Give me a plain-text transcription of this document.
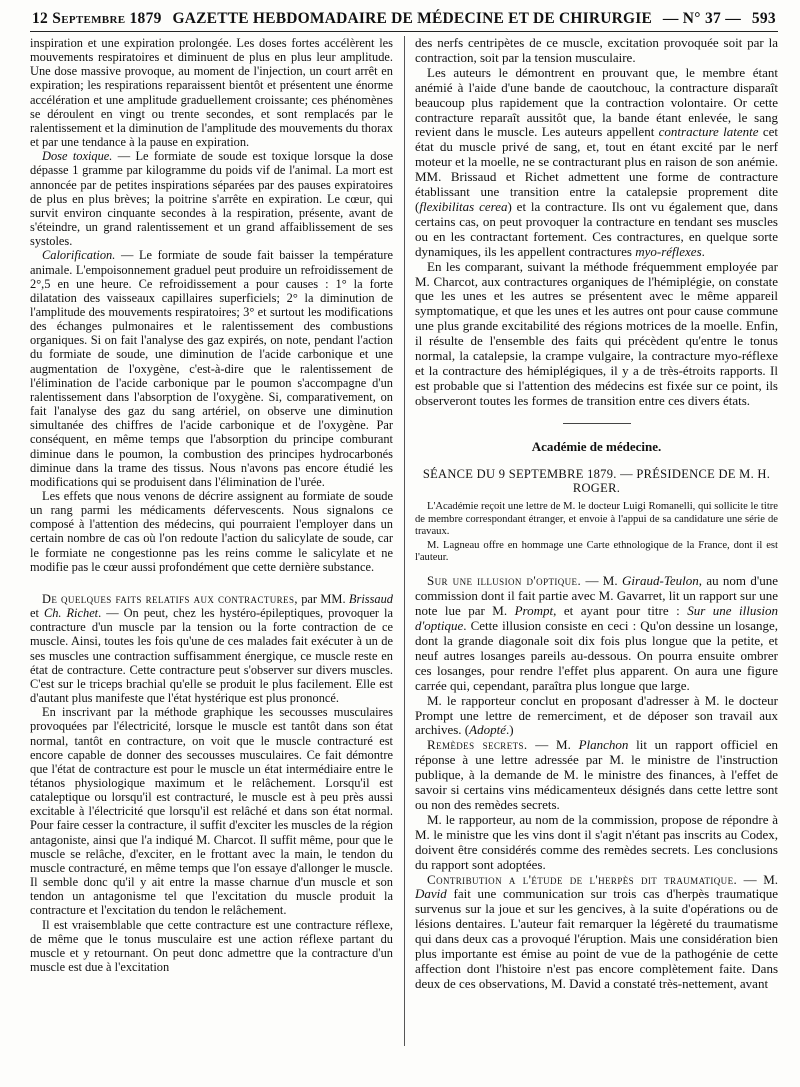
12 Septembre 1879 GAZETTE HEBDOMADAIRE DE MÉDECINE ET DE CHIRURGIE — N° 37 — 593

inspiration et une expiration prolongée. Les doses fortes accélèrent les mouvements respiratoires et diminuent de plus en plus leur amplitude. Une dose massive provoque, au moment de l'injection, un court arrêt en expiration; les respirations reparaissent bientôt et présentent une énorme accélération et une amplitude graduellement croissante; ces phénomènes se déroulent en vingt ou trente secondes, et sont remplacés par le ralentissement et la diminution de l'amplitude des mouvements du thorax et par une tendance à la pause en expiration.

Dose toxique. — Le formiate de soude est toxique lorsque la dose dépasse 1 gramme par kilogramme du poids vif de l'animal. La mort est annoncée par de petites inspirations séparées par des pauses expiratoires de plus en plus brèves; la poitrine s'arrête en expiration. Le cœur, qui survit environ cinquante secondes à la respiration, présente, avant de s'éteindre, un grand ralentissement et un grand affaiblissement de ses systoles.

Calorification. — Le formiate de soude fait baisser la température animale. L'empoisonnement graduel peut produire un refroidissement de 2°,5 en une heure. Ce refroidissement a pour causes : 1° la forte dilatation des vaisseaux capillaires superficiels; 2° la diminution de l'amplitude des mouvements respiratoires; 3° et surtout les modifications des échanges pulmonaires et le ralentissement des combustions organiques. Si on fait l'analyse des gaz expirés, on note, pendant l'action du formiate de soude, une diminution de l'acide carbonique et une augmentation de l'oxygène, c'est-à-dire que le ralentissement de l'élimination de l'acide carbonique par le poumon s'accompagne d'un ralentissement dans l'absorption de l'oxygène. Si, comparativement, on fait l'analyse des gaz du sang artériel, on observe une diminution simultanée des chiffres de l'acide carbonique et de l'oxygène. Par conséquent, en même temps que l'absorption du principe comburant diminue dans le poumon, la combustion des principes hydrocarbonés diminue dans la trame des tissus. Nous n'avons pas encore étudié les modifications qui se produisent dans l'élimination de l'urée.

Les effets que nous venons de décrire assignent au formiate de soude un rang parmi les médicaments défervescents. Nous signalons ce composé à l'attention des médecins, qui pourraient l'employer dans un certain nombre de cas où l'on redoute l'action du salicylate de soude, car le formiate ne congestionne pas les reins comme le salicylate et ne modifie pas le cœur aussi profondément que cette dernière substance.

De quelques faits relatifs aux contractures, par MM. Brissaud et Ch. Richet. — On peut, chez les hystéro-épileptiques, provoquer la contracture d'un muscle par la tension ou la forte contraction de ce muscle. Ainsi, toutes les fois qu'une de ces malades fait exécuter à un de ses muscles une contraction suffisamment énergique, ce muscle reste en état de contracture. Cette contracture peut s'observer sur divers muscles. C'est sur le triceps brachial qu'elle se produit le plus facilement. Elle est d'autant plus manifeste que l'état hystérique est plus prononcé.

En inscrivant par la méthode graphique les secousses musculaires provoquées par l'électricité, lorsque le muscle est tantôt dans son état normal, tantôt en contracture, on voit que le muscle contracturé est encore capable de donner des secousses musculaires. Ce fait démontre que l'état de contracture est pour le muscle un état intermédiaire entre le tétanos physiologique maximum et le relâchement. Lorsqu'il est cataleptique ou lorsqu'il est contracturé, le muscle est à peu près aussi excitable à l'électricité que lorsqu'il est relâché et dans son état normal. Pour faire cesser la contracture, il suffit d'exciter les muscles de la région antagoniste, ainsi que l'a indiqué M. Charcot. Il suffit même, pour que le muscle se relâche, d'exciter, en le frottant avec la main, le tendon du muscle contracturé, en même temps que l'on essaye d'allonger le muscle. Il semble donc qu'il y ait entre la masse charnue d'un muscle et son tendon un antagonisme tel que l'excitation du muscle produit la contracture et l'excitation du tendon le relâchement.

Il est vraisemblable que cette contracture est une contracture réflexe, de même que le tonus musculaire est une action réflexe partant du muscle et y retournant. On peut donc admettre que la contracture d'un muscle est due à l'excitation

des nerfs centripètes de ce muscle, excitation provoquée soit par la contraction, soit par la tension musculaire.

Les auteurs le démontrent en prouvant que, le membre étant anémié à l'aide d'une bande de caoutchouc, la contracture disparaît beaucoup plus rapidement que la contraction volontaire. Or cette contracture reparaît aussitôt que, la bande étant enlevée, le sang revient dans le muscle. Les auteurs appellent contracture latente cet état du muscle privé de sang, et, tout en étant excité par le nerf moteur et la moelle, ne se contracturant plus en raison de son anémie. MM. Brissaud et Richet admettent une forme de contracture établissant une transition entre la catalepsie proprement dite (flexibilitas cerea) et la contracture. Ils ont vu également que, dans certains cas, on peut provoquer la contracture en tendant ses muscles ou en les contractant fortement. Ces contractures, en quelque sorte dynamiques, ils les appellent contractures myo-réflexes.

En les comparant, suivant la méthode fréquemment employée par M. Charcot, aux contractures organiques de l'hémiplégie, on constate que les unes et les autres se présentent avec le même appareil symptomatique, et que les unes et les autres ont pour cause commune une plus grande excitabilité des régions motrices de la moelle. Enfin, il résulte de l'ensemble des faits qui précèdent qu'entre le tonus normal, la catalepsie, la crampe vulgaire, la contracture myo-réflexe et la contracture des hémiplégiques, il y a de très-étroits rapports. Il est probable que si l'attention des médecins est fixée sur ce point, ils observeront toutes les formes de transition entre ces divers états.

Académie de médecine.
SÉANCE DU 9 SEPTEMBRE 1879. — PRÉSIDENCE DE M. H. ROGER.

L'Académie reçoit une lettre de M. le docteur Luigi Romanelli, qui sollicite le titre de membre correspondant étranger, et envoie à l'appui de sa candidature une série de travaux.

M. Lagneau offre en hommage une Carte ethnologique de la France, dont il est l'auteur.

Sur une illusion d'optique. — M. Giraud-Teulon, au nom d'une commission dont il fait partie avec M. Gavarret, lit un rapport sur une note lue par M. Prompt, et ayant pour titre : Sur une illusion d'optique. Cette illusion consiste en ceci : Qu'on dessine un losange, dont la grande diagonale soit dix fois plus longue que la petite, et neuf autres losanges pareils au-dessous. On pourra ensuite ombrer ces losanges, pour rendre l'effet plus apparent. On aura une figure carrée qui, cependant, paraîtra plus longue que large.

M. le rapporteur conclut en proposant d'adresser à M. le docteur Prompt une lettre de remerciment, et de déposer son travail aux archives. (Adopté.)

Remèdes secrets. — M. Planchon lit un rapport officiel en réponse à une lettre adressée par M. le ministre de l'instruction publique, à la demande de M. le ministre des finances, à l'effet de savoir si certains vins médicamenteux désignés dans cette lettre sont ou non des remèdes secrets.

M. le rapporteur, au nom de la commission, propose de répondre à M. le ministre que les vins dont il s'agit n'étant pas inscrits au Codex, doivent être considérés comme des remèdes secrets. Les conclusions du rapport sont adoptées.

Contribution a l'étude de l'herpès dit traumatique. — M. David fait une communication sur trois cas d'herpès traumatique survenus sur la joue et sur les gencives, à la suite d'opérations ou de lésions dentaires. L'auteur fait remarquer la légèreté du traumatisme qui dans deux cas a provoqué l'éruption. Mais une considération bien plus importante est émise au point de vue de la pathogénie de cette affection dont l'histoire n'est pas encore complètement faite. Dans deux de ces observations, M. David a constaté très-nettement, avant
